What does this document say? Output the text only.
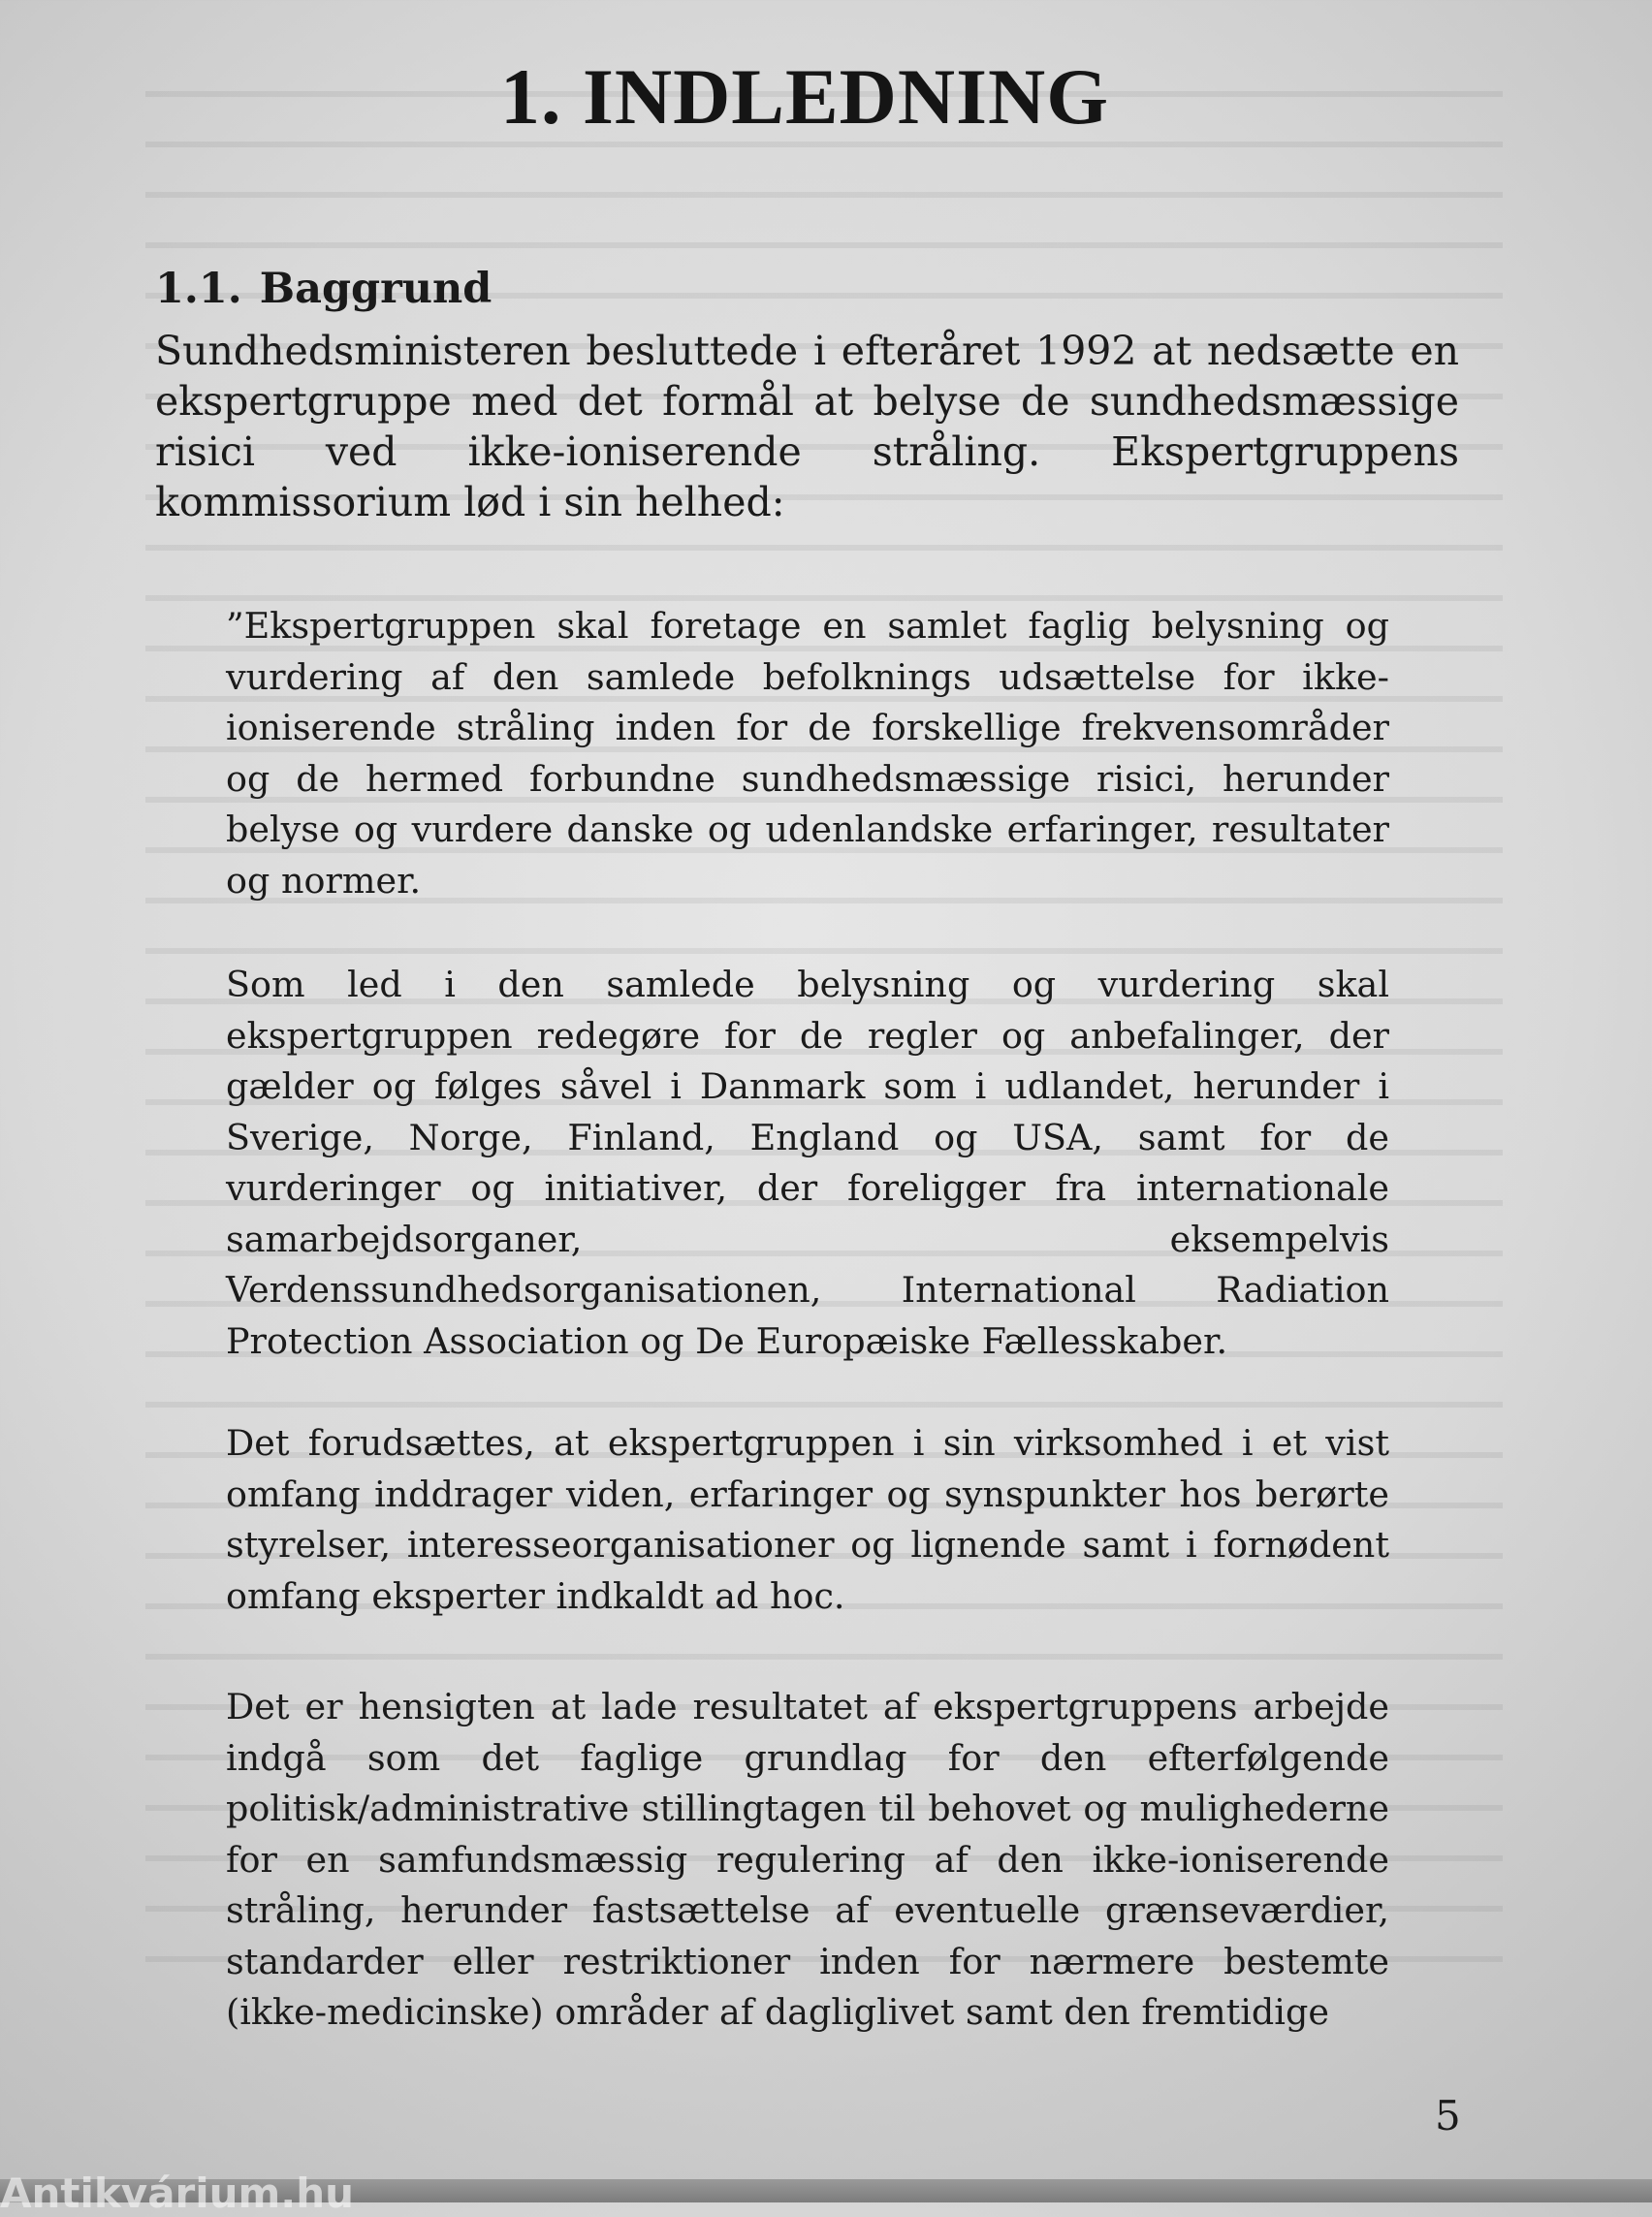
1. INDLEDNING
1.1. Baggrund

Sundhedsministeren besluttede i efteråret 1992 at nedsætte en ekspertgruppe med det formål at belyse de sundhedsmæssige risici ved ikke-ioniserende stråling. Ekspertgruppens kommissorium lød i sin helhed:

”Ekspertgruppen skal foretage en samlet faglig belysning og vurdering af den samlede befolknings udsættelse for ikke-ioniserende stråling inden for de forskellige frekvensområder og de hermed forbundne sundhedsmæssige risici, herunder belyse og vurdere danske og udenlandske erfaringer, resultater og normer.

Som led i den samlede belysning og vurdering skal ekspertgruppen redegøre for de regler og anbefalinger, der gælder og følges såvel i Danmark som i udlandet, herunder i Sverige, Norge, Finland, England og USA, samt for de vurderinger og initiativer, der foreligger fra internationale samarbejdsorganer, eksempelvis Verdenssundhedsorganisationen, International Radiation Protection Association og De Europæiske Fællesskaber.

Det forudsættes, at ekspertgruppen i sin virksomhed i et vist omfang inddrager viden, erfaringer og synspunkter hos berørte styrelser, interesseorganisationer og lignende samt i fornødent omfang eksperter indkaldt ad hoc.

Det er hensigten at lade resultatet af ekspertgruppens arbejde indgå som det faglige grundlag for den efterfølgende politisk/administrative stillingtagen til behovet og mulighederne for en samfundsmæssig regulering af den ikke-ioniserende stråling, herunder fastsættelse af eventuelle grænseværdier, standarder eller restriktioner inden for nærmere bestemte (ikke-medicinske) områder af dagliglivet samt den fremtidige

5
Antikvárium.hu
